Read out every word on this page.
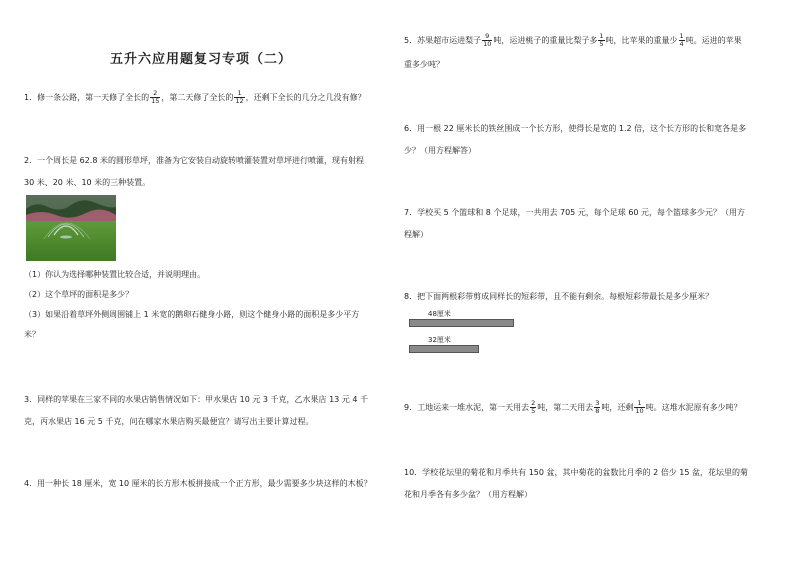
五升六应用题复习专项（二）
1．修一条公路，第一天修了全长的 $\frac{2}{15}$ ，第二天修了全长的 $\frac{1}{12}$ ，还剩下全长的几分之几没有修？
2．一个周长是 62.8 米的圆形草坪，准备为它安装自动旋转喷灌装置对草坪进行喷灌，现有射程
30 米、20 米、10 米的三种装置。
（1）你认为选择哪种装置比较合适，并说明理由。
（2）这个草坪的面积是多少？
（3）如果沿着草坪外侧周围铺上 1 米宽的鹅卵石健身小路，则这个健身小路的面积是多少平方
米？
3．同样的苹果在三家不同的水果店销售情况如下：甲水果店 10 元 3 千克，乙水果店 13 元 4 千
克，丙水果店 16 元 5 千克，问在哪家水果店购买最便宜？请写出主要计算过程。
4．用一种长 18 厘米，宽 10 厘米的长方形木板拼接成一个正方形，最少需要多少块这样的木板？
5．苏果超市运进梨子 $\frac{9}{10}$ 吨，运进桃子的重量比梨子多 $\frac{1}{5}$ 吨，比苹果的重量少 $\frac{1}{4}$ 吨。运进的苹果
重多少吨？
6．用一根 22 厘米长的铁丝围成一个长方形，使得长是宽的 1.2 倍，这个长方形的长和宽各是多
少？（用方程解答）
7．学校买 5 个篮球和 8 个足球，一共用去 705 元，每个足球 60 元，每个篮球多少元？（用方
程解）
8．把下面两根彩带剪成同样长的短彩带，且不能有剩余。每根短彩带最长是多少厘米？
48厘米
32厘米
9．工地运来一堆水泥，第一天用去 $\frac{2}{5}$ 吨，第二天用去 $\frac{3}{8}$ 吨，还剩 $\frac{1}{10}$ 吨。这堆水泥原有多少吨？
10．学校花坛里的菊花和月季共有 150 盆，其中菊花的盆数比月季的 2 倍少 15 盆，花坛里的菊
花和月季各有多少盆？（用方程解）
